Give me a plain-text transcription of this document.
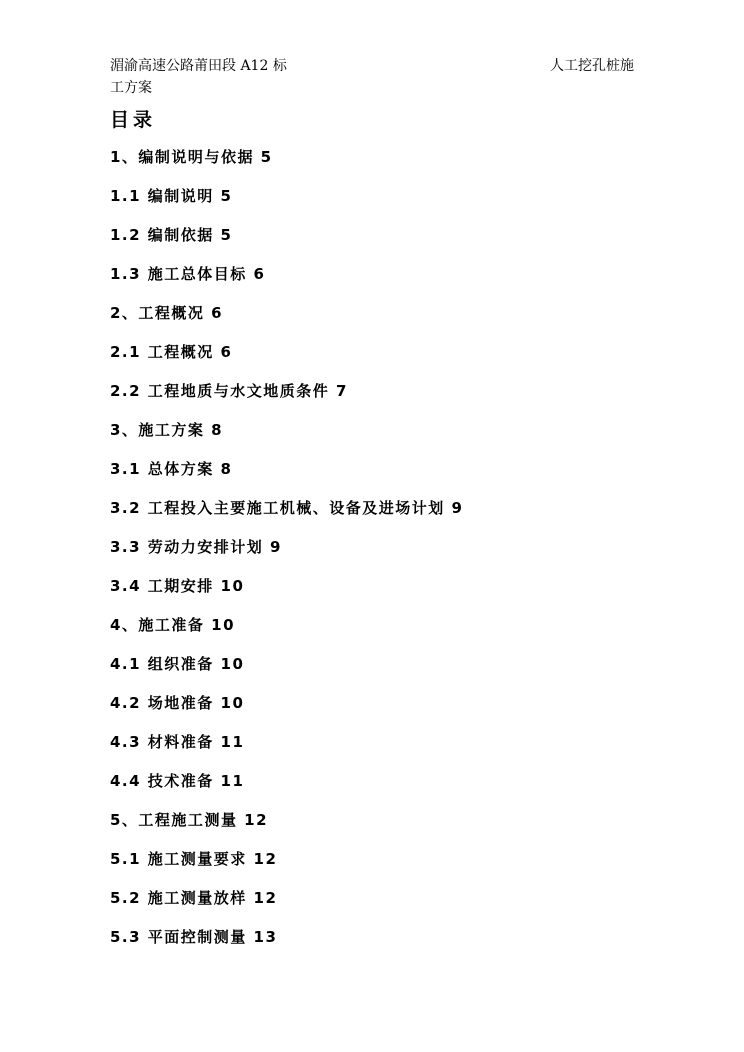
湄渝高速公路莆田段 A12 标
工方案
人工挖孔桩施
目录
1、编制说明与依据 5
1.1 编制说明 5
1.2 编制依据 5
1.3 施工总体目标 6
2、工程概况 6
2.1 工程概况 6
2.2 工程地质与水文地质条件 7
3、施工方案 8
3.1 总体方案 8
3.2 工程投入主要施工机械、设备及进场计划 9
3.3 劳动力安排计划 9
3.4 工期安排 10
4、施工准备 10
4.1 组织准备 10
4.2 场地准备 10
4.3 材料准备 11
4.4 技术准备 11
5、工程施工测量 12
5.1 施工测量要求 12
5.2 施工测量放样 12
5.3 平面控制测量 13
